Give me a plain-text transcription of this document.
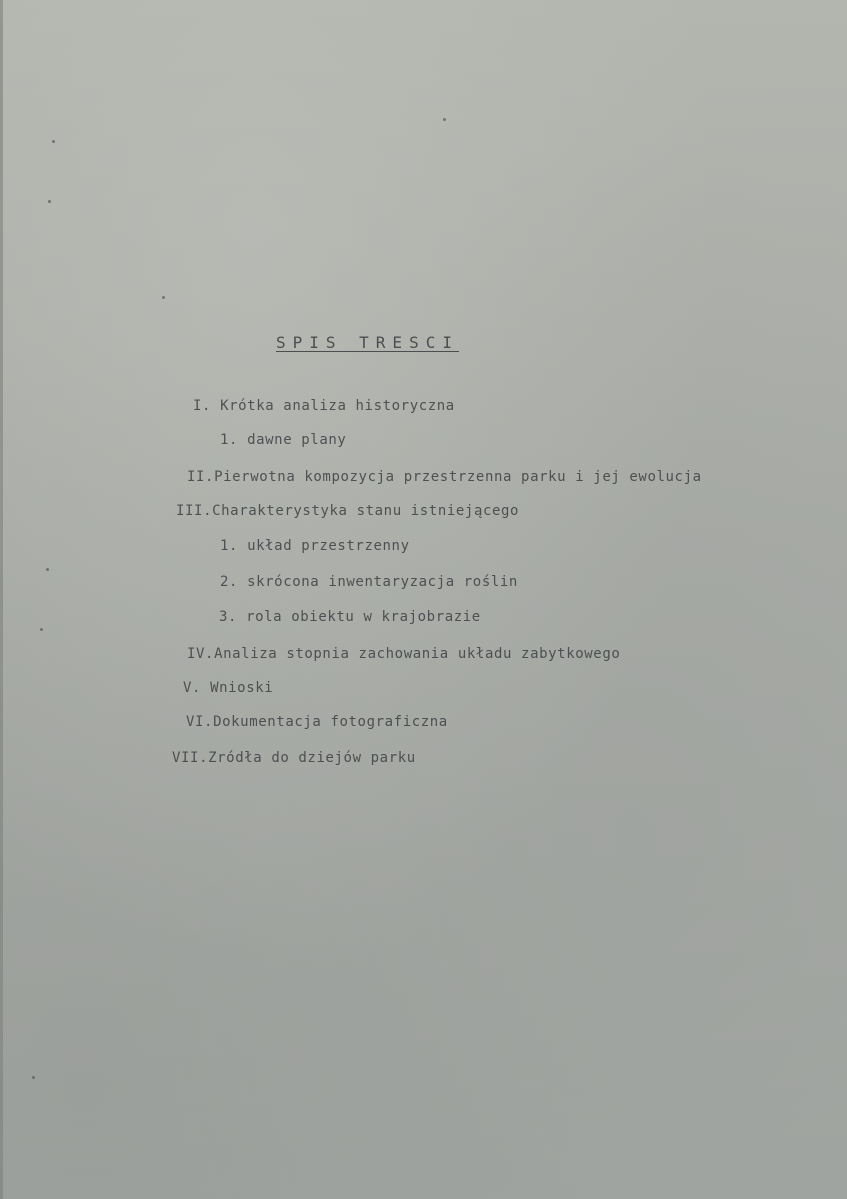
SPIS TRESCI
I. Krótka analiza historyczna
1. dawne plany
II.Pierwotna kompozycja przestrzenna parku i jej ewolucja
III.Charakterystyka stanu istniejącego
1. układ przestrzenny
2. skrócona inwentaryzacja roślin
3. rola obiektu w krajobrazie
IV.Analiza stopnia zachowania układu zabytkowego
V. Wnioski
VI.Dokumentacja fotograficzna
VII.Zródła do dziejów parku
